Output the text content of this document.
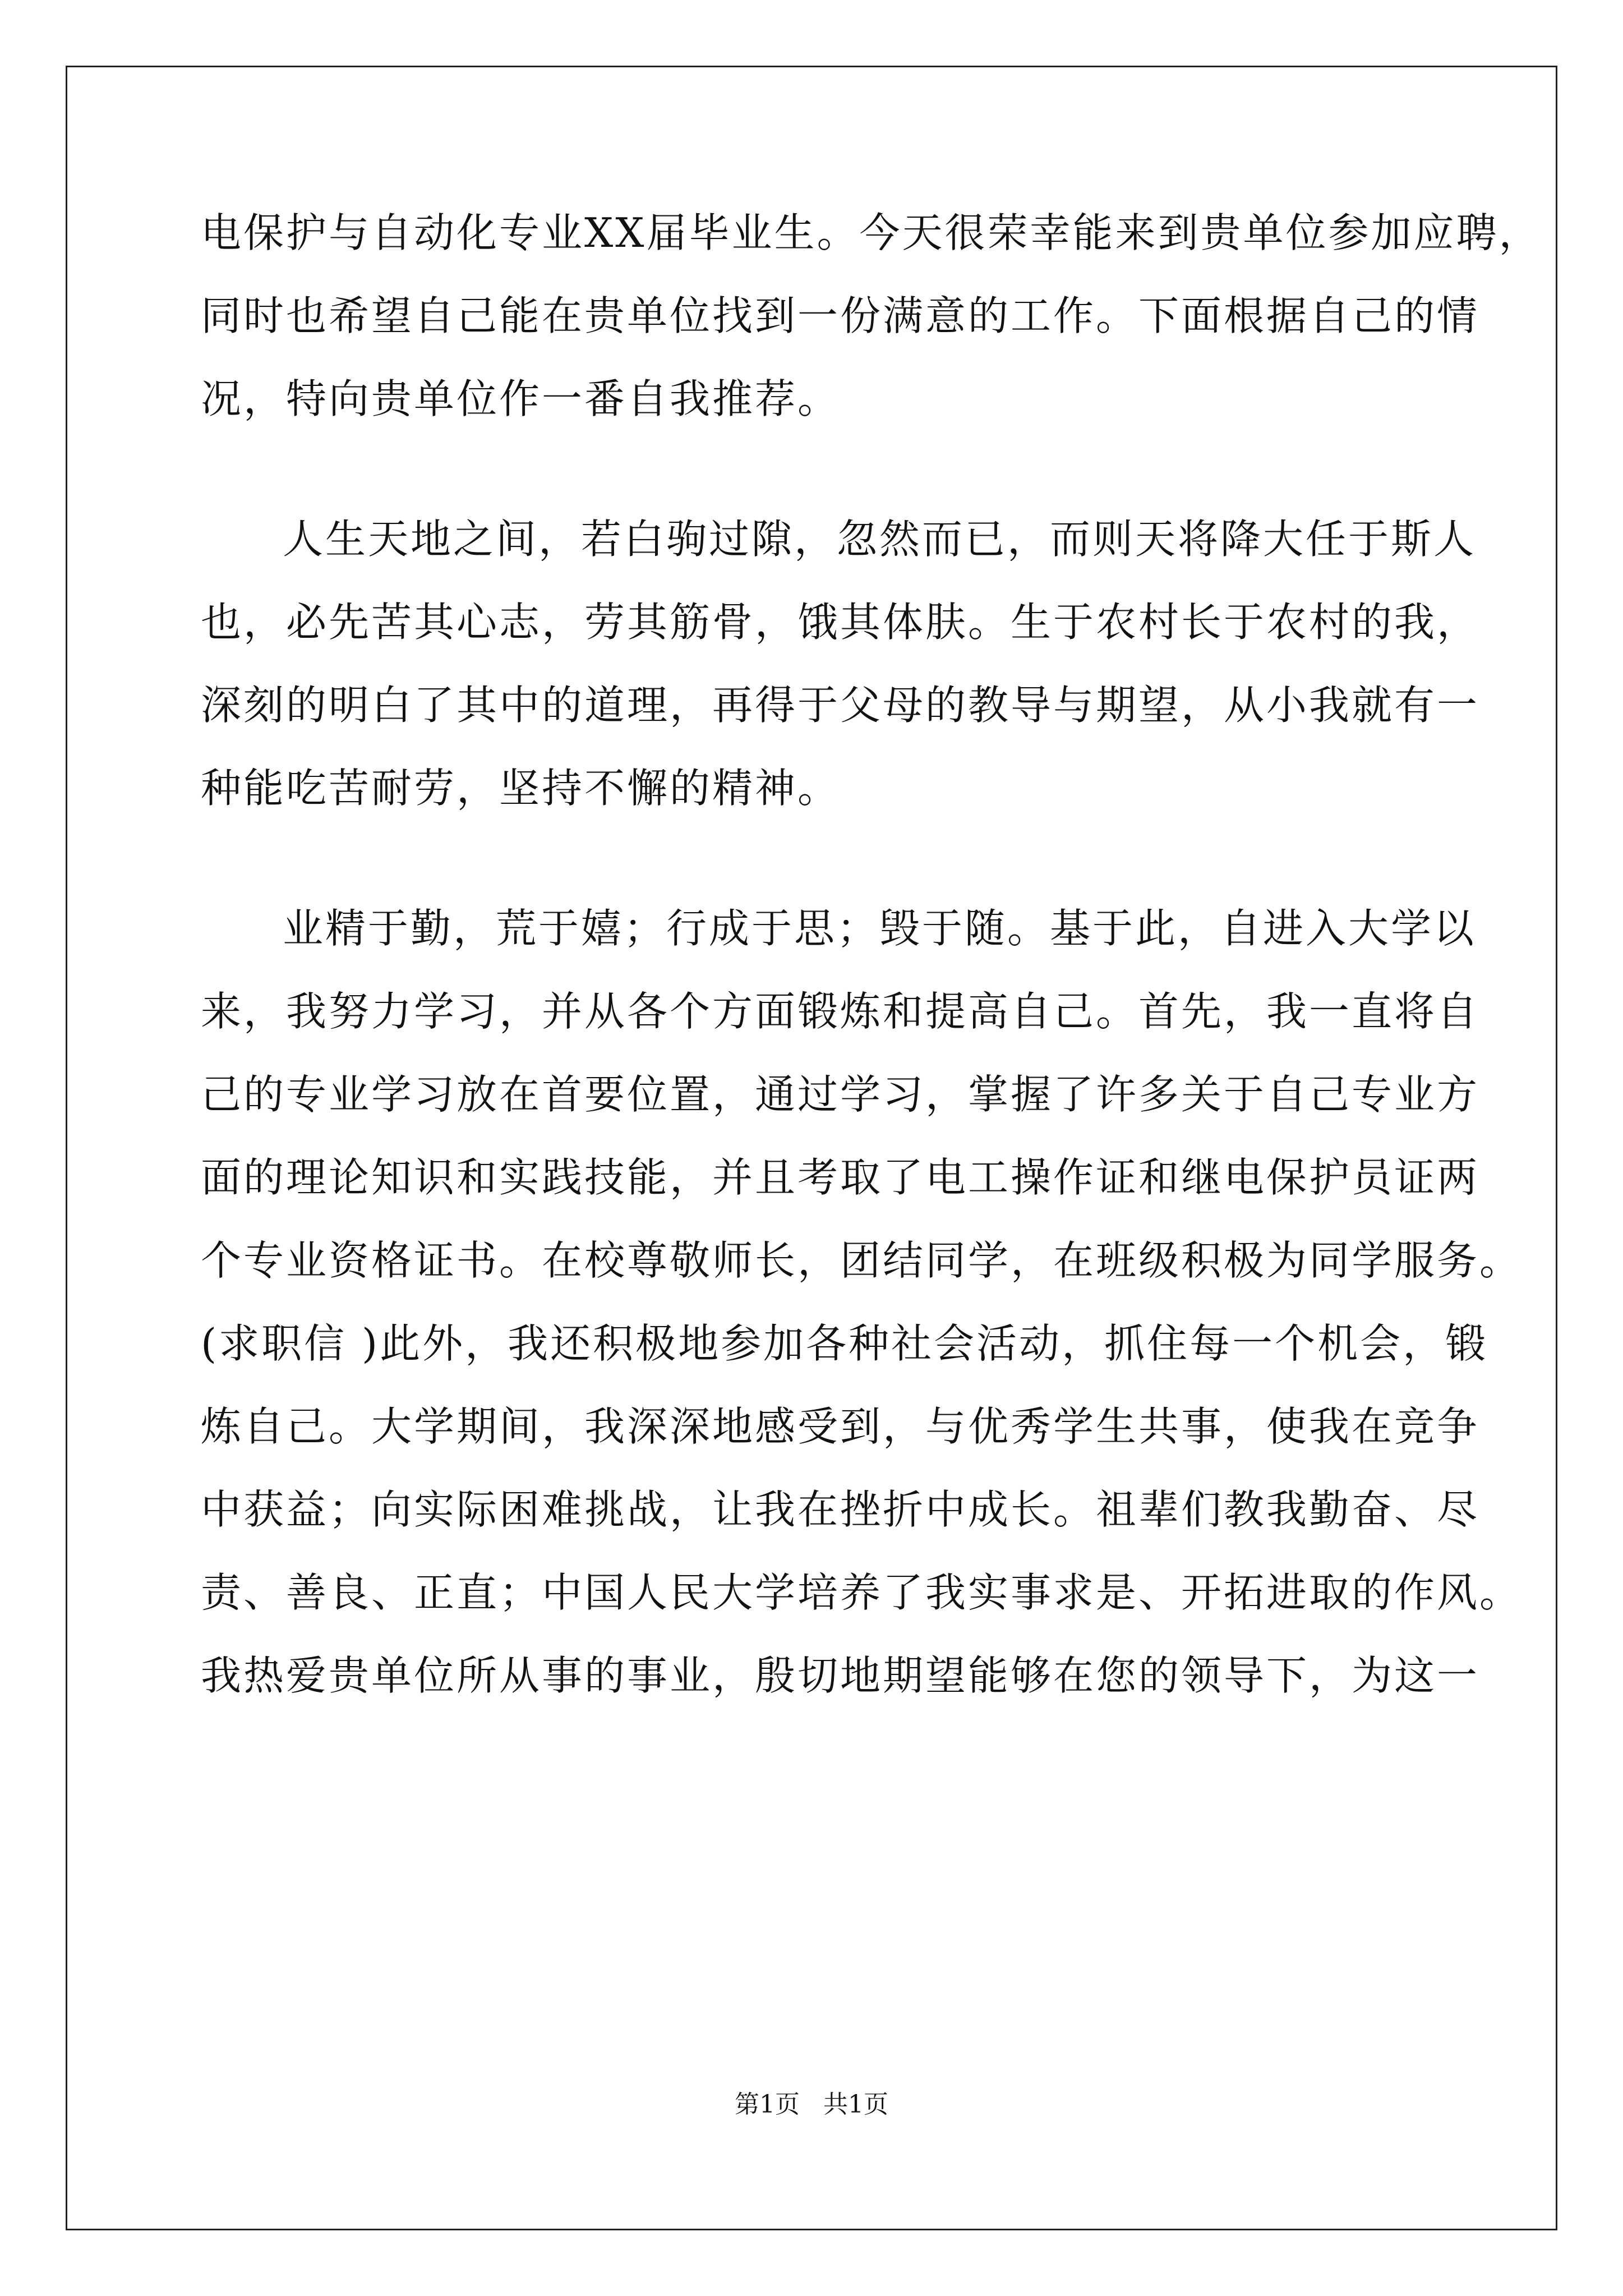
电保护与自动化专业XX届毕业生。今天很荣幸能来到贵单位参加应聘，
同时也希望自己能在贵单位找到一份满意的工作。下面根据自己的情
况，特向贵单位作一番自我推荐。
人生天地之间，若白驹过隙，忽然而已，而则天将降大任于斯人
也，必先苦其心志，劳其筋骨，饿其体肤。生于农村长于农村的我，
深刻的明白了其中的道理，再得于父母的教导与期望，从小我就有一
种能吃苦耐劳，坚持不懈的精神。
业精于勤，荒于嬉；行成于思；毁于随。基于此，自进入大学以
来，我努力学习，并从各个方面锻炼和提高自己。首先，我一直将自
己的专业学习放在首要位置，通过学习，掌握了许多关于自己专业方
面的理论知识和实践技能，并且考取了电工操作证和继电保护员证两
个专业资格证书。在校尊敬师长，团结同学，在班级积极为同学服务。
(求职信 )此外，我还积极地参加各种社会活动，抓住每一个机会，锻
炼自己。大学期间，我深深地感受到，与优秀学生共事，使我在竞争
中获益；向实际困难挑战，让我在挫折中成长。祖辈们教我勤奋、尽
责、善良、正直；中国人民大学培养了我实事求是、开拓进取的作风。
我热爱贵单位所从事的事业，殷切地期望能够在您的领导下，为这一
第1页   共1页
